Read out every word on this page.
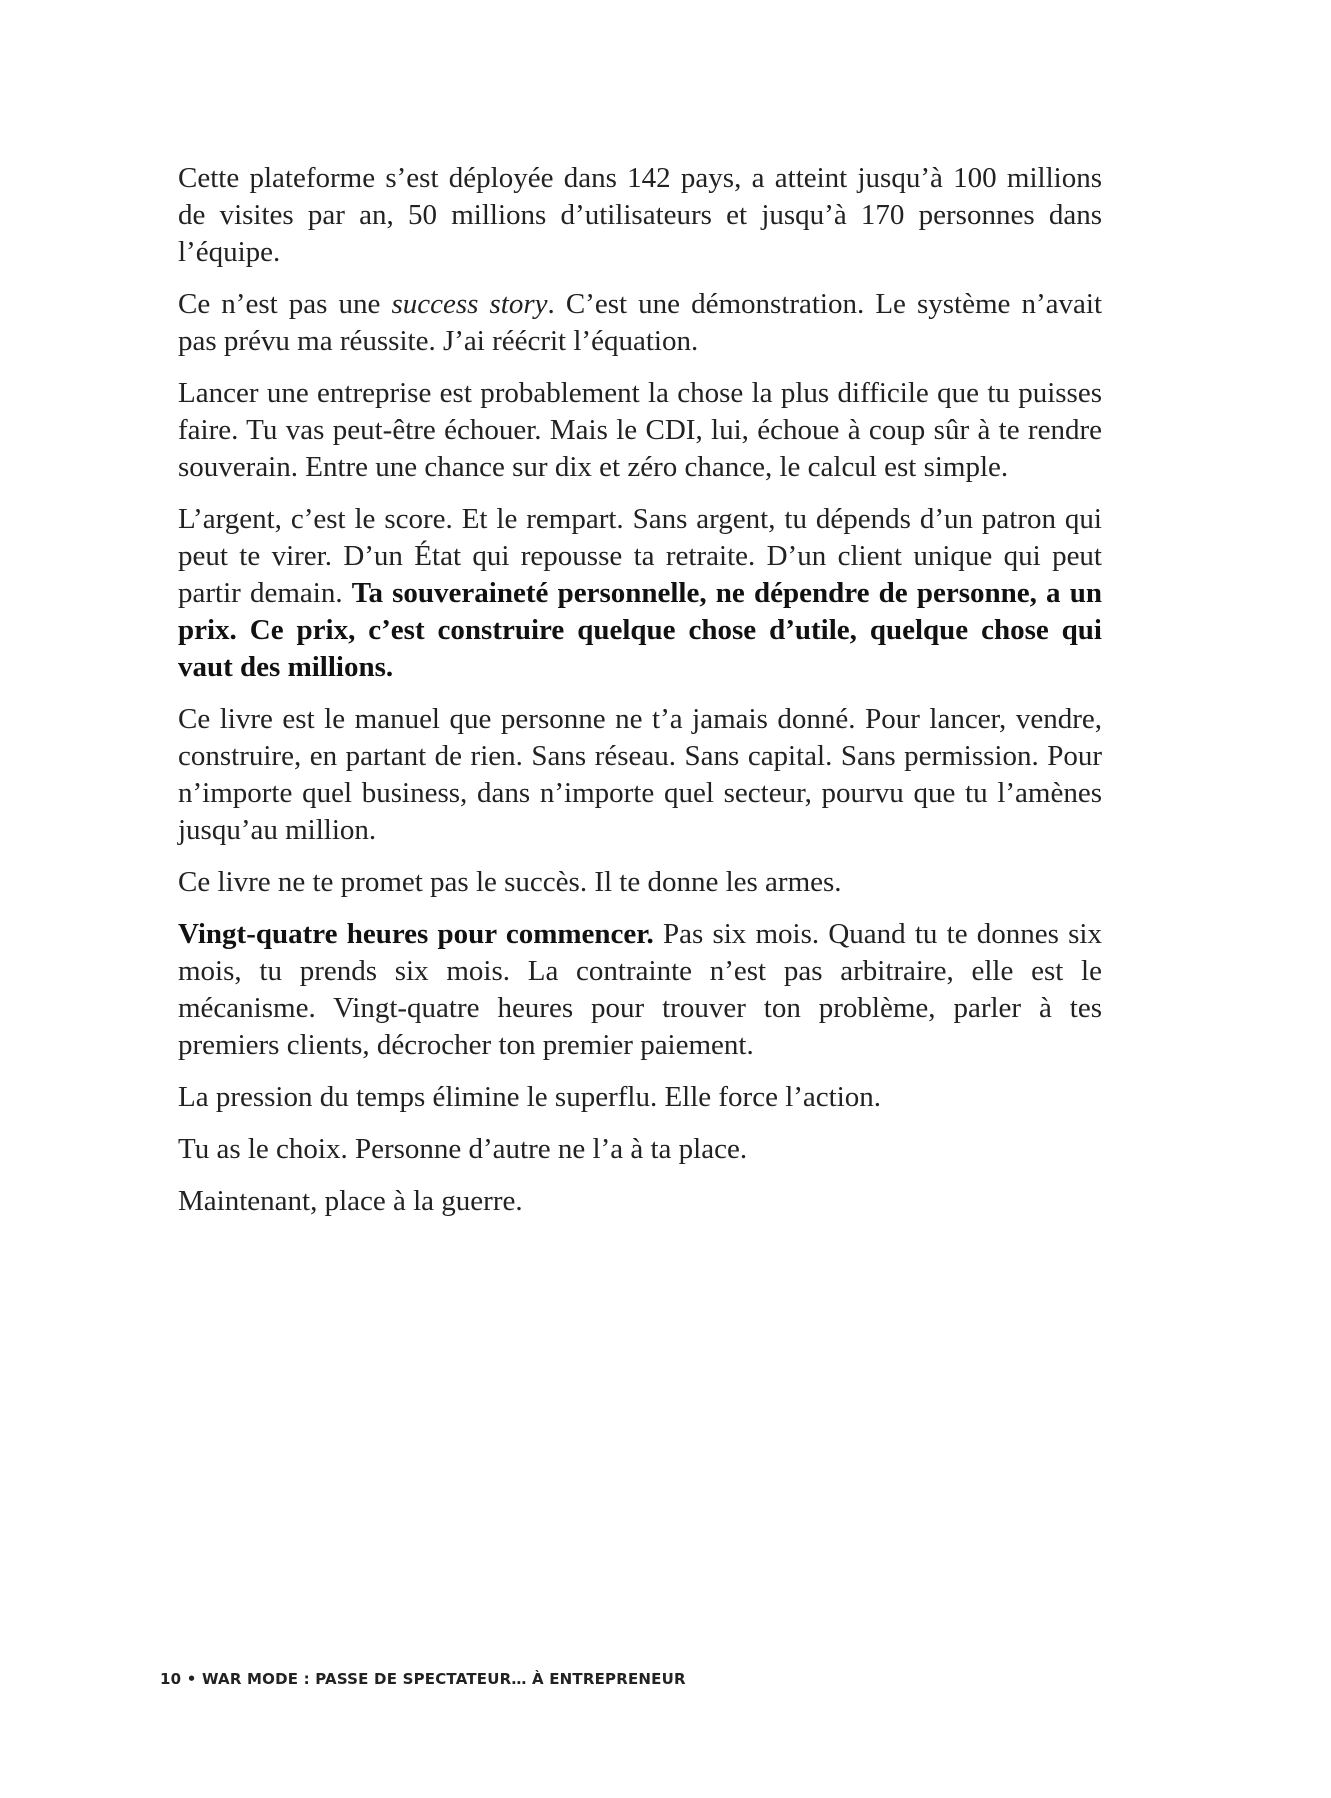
Cette plateforme s’est déployée dans 142 pays, a atteint jusqu’à 100 millions de visites par an, 50 millions d’utilisateurs et jusqu’à 170 personnes dans l’équipe.

Ce n’est pas une success story. C’est une démonstration. Le système n’avait pas prévu ma réussite. J’ai réécrit l’équation.

Lancer une entreprise est probablement la chose la plus difficile que tu puisses faire. Tu vas peut-être échouer. Mais le CDI, lui, échoue à coup sûr à te rendre souverain. Entre une chance sur dix et zéro chance, le calcul est simple.

L’argent, c’est le score. Et le rempart. Sans argent, tu dépends d’un patron qui peut te virer. D’un État qui repousse ta retraite. D’un client unique qui peut partir demain. Ta souveraineté personnelle, ne dépendre de personne, a un prix. Ce prix, c’est construire quelque chose d’utile, quelque chose qui vaut des millions.

Ce livre est le manuel que personne ne t’a jamais donné. Pour lancer, vendre, construire, en partant de rien. Sans réseau. Sans capital. Sans permission. Pour n’importe quel business, dans n’importe quel secteur, pourvu que tu l’amènes jusqu’au million.

Ce livre ne te promet pas le succès. Il te donne les armes.

Vingt-quatre heures pour commencer. Pas six mois. Quand tu te donnes six mois, tu prends six mois. La contrainte n’est pas arbitraire, elle est le mécanisme. Vingt-quatre heures pour trouver ton problème, parler à tes premiers clients, décrocher ton premier paiement.

La pression du temps élimine le superflu. Elle force l’action.

Tu as le choix. Personne d’autre ne l’a à ta place.

Maintenant, place à la guerre.

10 • WAR MODE : PASSE DE SPECTATEUR… À ENTREPRENEUR
